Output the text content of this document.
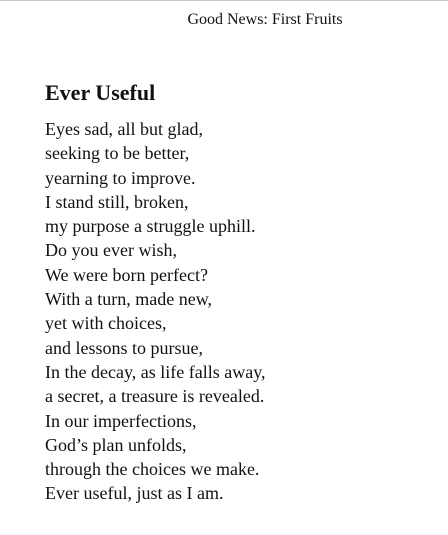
Good News: First Fruits
Ever Useful
Eyes sad, all but glad,
seeking to be better,
yearning to improve.
I stand still, broken,
my purpose a struggle uphill.
Do you ever wish,
We were born perfect?
With a turn, made new,
yet with choices,
and lessons to pursue,
In the decay, as life falls away,
a secret, a treasure is revealed.
In our imperfections,
God’s plan unfolds,
through the choices we make.
Ever useful, just as I am.
